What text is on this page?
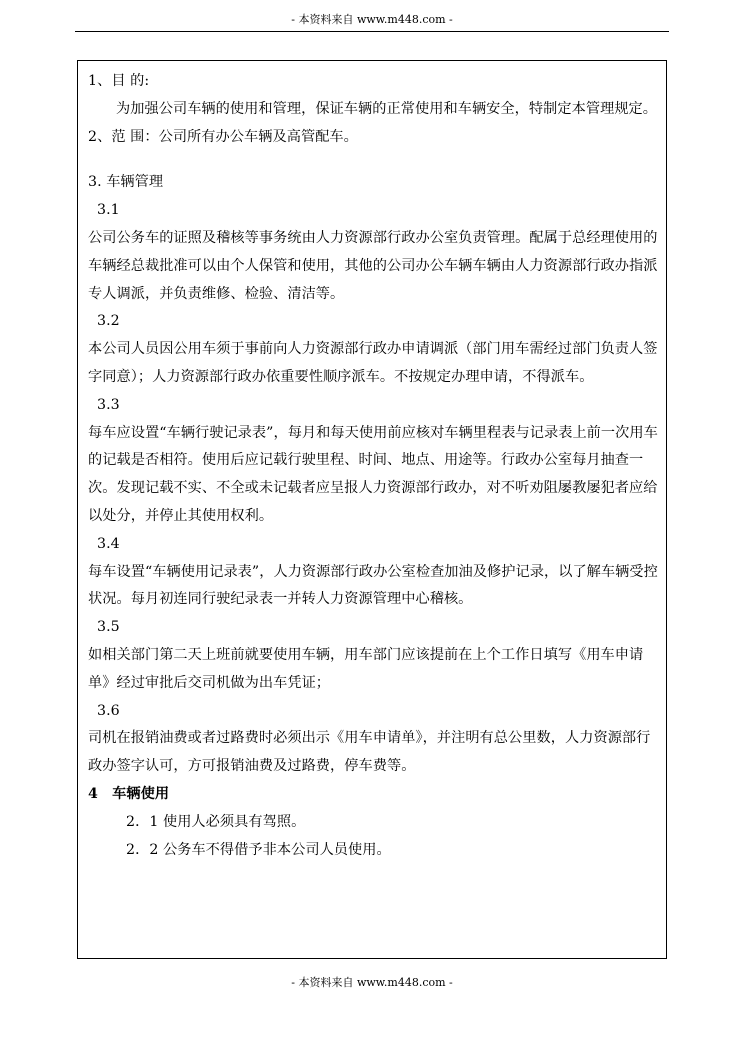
- 本资料来自 www.m448.com -

1、目 的:

为加强公司车辆的使用和管理，保证车辆的正常使用和车辆安全，特制定本管理规定。

2、范 围：公司所有办公车辆及高管配车。

3. 车辆管理

3.1

公司公务车的证照及稽核等事务统由人力资源部行政办公室负责管理。配属于总经理使用的车辆经总裁批准可以由个人保管和使用，其他的公司办公车辆车辆由人力资源部行政办指派专人调派，并负责维修、检验、清洁等。

3.2

本公司人员因公用车须于事前向人力资源部行政办申请调派（部门用车需经过部门负责人签字同意）；人力资源部行政办依重要性顺序派车。不按规定办理申请，不得派车。

3.3

每车应设置“车辆行驶记录表”，每月和每天使用前应核对车辆里程表与记录表上前一次用车的记载是否相符。使用后应记载行驶里程、时间、地点、用途等。行政办公室每月抽查一次。发现记载不实、不全或未记载者应呈报人力资源部行政办，对不听劝阻屡教屡犯者应给以处分，并停止其使用权利。

3.4

每车设置“车辆使用记录表”，人力资源部行政办公室检查加油及修护记录，以了解车辆受控状况。每月初连同行驶纪录表一并转人力资源管理中心稽核。

3.5

如相关部门第二天上班前就要使用车辆，用车部门应该提前在上个工作日填写《用车申请单》经过审批后交司机做为出车凭证；

3.6

司机在报销油费或者过路费时必须出示《用车申请单》，并注明有总公里数，人力资源部行政办签字认可，方可报销油费及过路费，停车费等。

4　车辆使用

2．1 使用人必须具有驾照。

2．2 公务车不得借予非本公司人员使用。

- 本资料来自 www.m448.com -
